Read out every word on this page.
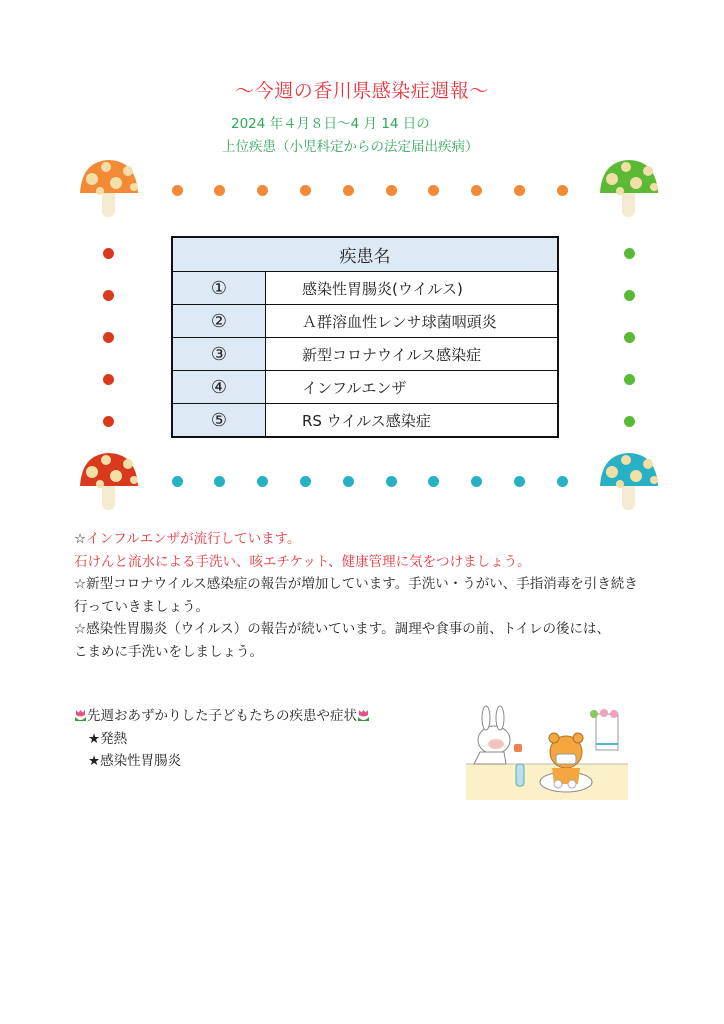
～今週の香川県感染症週報～
2024 年４月８日～4 月 14 日の
上位疾患（小児科定からの法定届出疾病）
疾患名	
①	感染性胃腸炎(ウイルス)
②	Ａ群溶血性レンサ球菌咽頭炎
③	新型コロナウイルス感染症
④	インフルエンザ
⑤	RS ウイルス感染症
☆インフルエンザが流行しています。
石けんと流水による手洗い、咳エチケット、健康管理に気をつけましょう。
☆新型コロナウイルス感染症の報告が増加しています。手洗い・うがい、手指消毒を引き続き
行っていきましょう。
☆感染性胃腸炎（ウイルス）の報告が続いています。調理や食事の前、トイレの後には、
こまめに手洗いをしましょう。
先週おあずかりした子どもたちの疾患や症状
★発熱
★感染性胃腸炎
